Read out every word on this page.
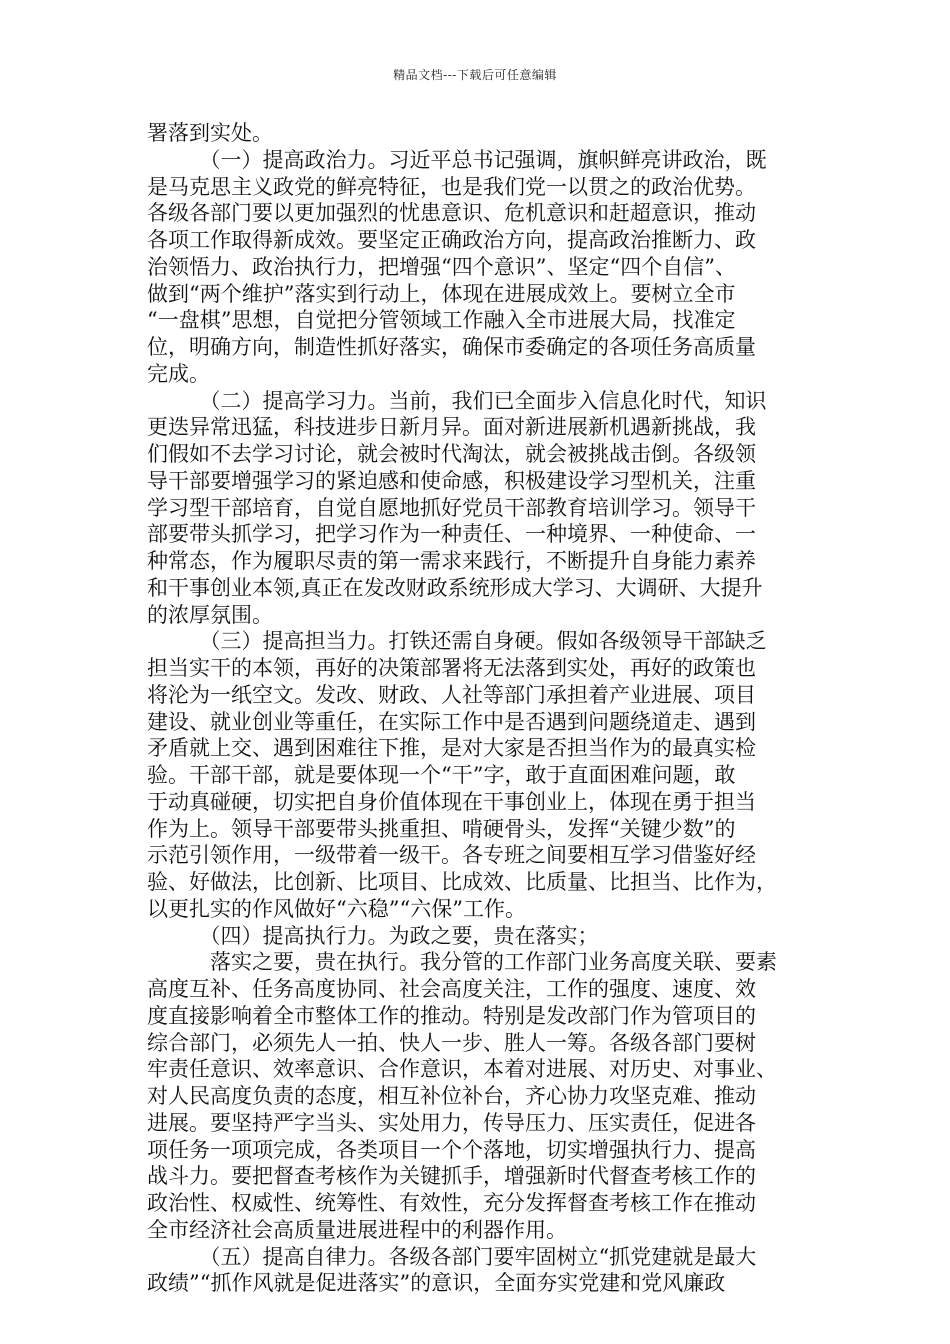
精品文档---下载后可任意编辑
署落到实处。
　　　（一）提高政治力。习近平总书记强调，旗帜鲜亮讲政治，既
是马克思主义政党的鲜亮特征，也是我们党一以贯之的政治优势。
各级各部门要以更加强烈的忧患意识、危机意识和赶超意识，推动
各项工作取得新成效。要坚定正确政治方向，提高政治推断力、政
治领悟力、政治执行力，把增强“四个意识”、坚定“四个自信”、
做到“两个维护”落实到行动上，体现在进展成效上。要树立全市
“一盘棋”思想，自觉把分管领域工作融入全市进展大局，找准定
位，明确方向，制造性抓好落实，确保市委确定的各项任务高质量
完成。
　　　（二）提高学习力。当前，我们已全面步入信息化时代，知识
更迭异常迅猛，科技进步日新月异。面对新进展新机遇新挑战，我
们假如不去学习讨论，就会被时代淘汰，就会被挑战击倒。各级领
导干部要增强学习的紧迫感和使命感，积极建设学习型机关，注重
学习型干部培育，自觉自愿地抓好党员干部教育培训学习。领导干
部要带头抓学习，把学习作为一种责任、一种境界、一种使命、一
种常态，作为履职尽责的第一需求来践行，不断提升自身能力素养
和干事创业本领,真正在发改财政系统形成大学习、大调研、大提升
的浓厚氛围。
　　　（三）提高担当力。打铁还需自身硬。假如各级领导干部缺乏
担当实干的本领，再好的决策部署将无法落到实处，再好的政策也
将沦为一纸空文。发改、财政、人社等部门承担着产业进展、项目
建设、就业创业等重任，在实际工作中是否遇到问题绕道走、遇到
矛盾就上交、遇到困难往下推，是对大家是否担当作为的最真实检
验。干部干部，就是要体现一个“干”字，敢于直面困难问题，敢
于动真碰硬，切实把自身价值体现在干事创业上，体现在勇于担当
作为上。领导干部要带头挑重担、啃硬骨头，发挥“关键少数”的
示范引领作用，一级带着一级干。各专班之间要相互学习借鉴好经
验、好做法，比创新、比项目、比成效、比质量、比担当、比作为，
以更扎实的作风做好“六稳”“六保”工作。
　　　（四）提高执行力。为政之要，贵在落实；
　　　落实之要，贵在执行。我分管的工作部门业务高度关联、要素
高度互补、任务高度协同、社会高度关注，工作的强度、速度、效
度直接影响着全市整体工作的推动。特别是发改部门作为管项目的
综合部门，必须先人一拍、快人一步、胜人一筹。各级各部门要树
牢责任意识、效率意识、合作意识，本着对进展、对历史、对事业、
对人民高度负责的态度，相互补位补台，齐心协力攻坚克难、推动
进展。要坚持严字当头、实处用力，传导压力、压实责任，促进各
项任务一项项完成，各类项目一个个落地，切实增强执行力、提高
战斗力。要把督查考核作为关键抓手，增强新时代督查考核工作的
政治性、权威性、统筹性、有效性，充分发挥督查考核工作在推动
全市经济社会高质量进展进程中的利器作用。
　　　（五）提高自律力。各级各部门要牢固树立“抓党建就是最大
政绩”“抓作风就是促进落实”的意识，全面夯实党建和党风廉政
